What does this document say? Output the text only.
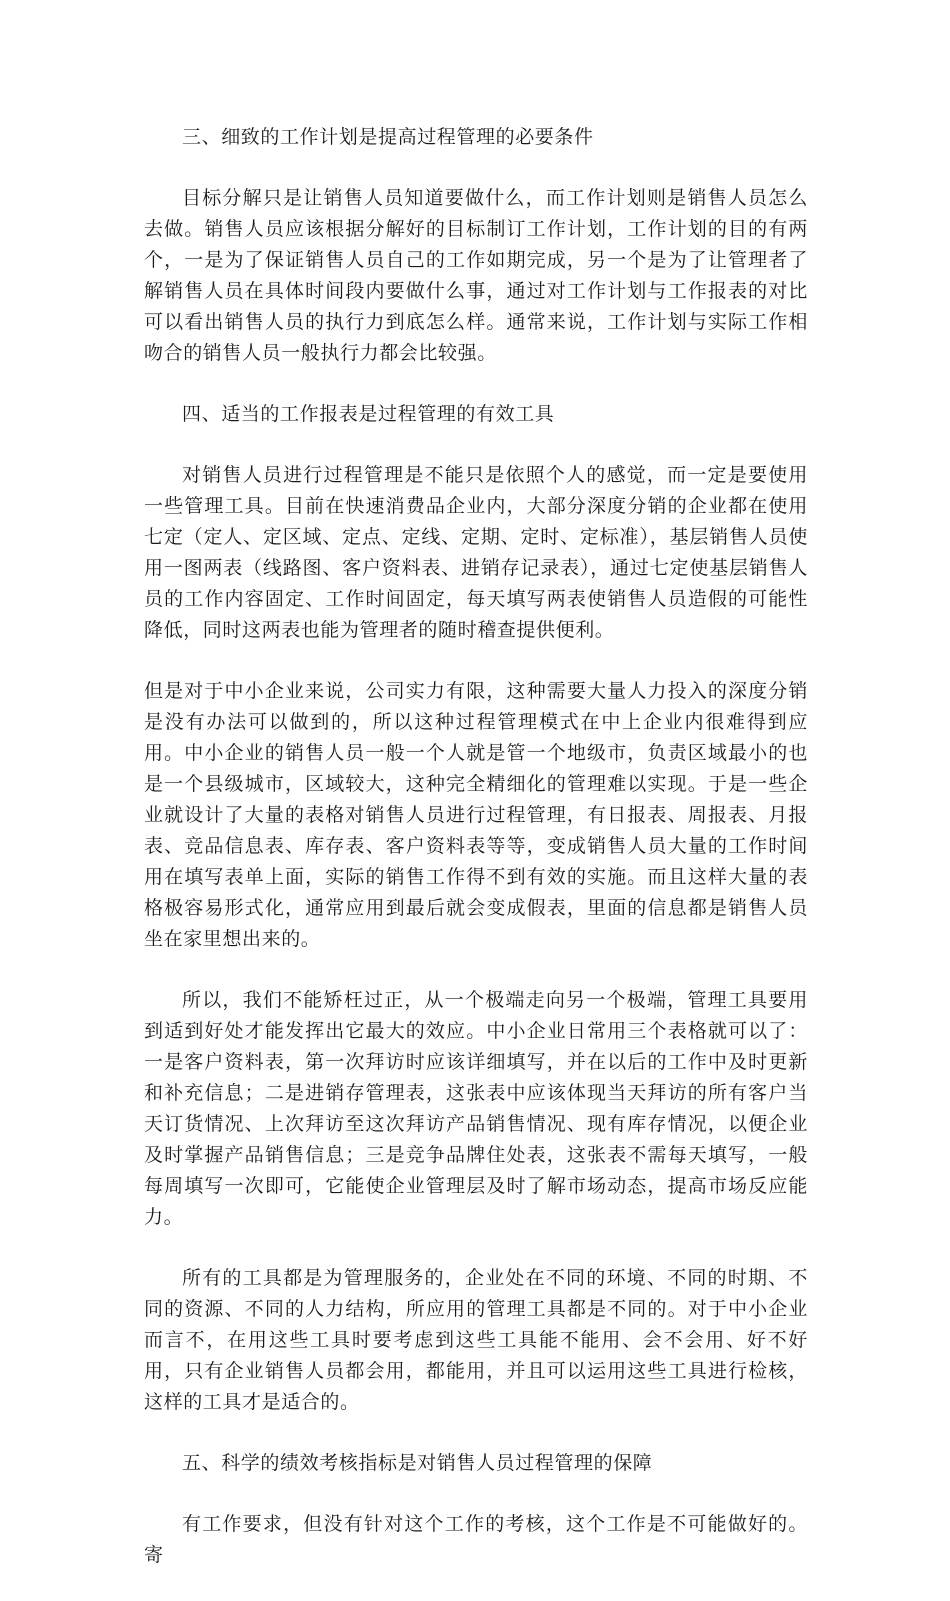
三、细致的工作计划是提高过程管理的必要条件

目标分解只是让销售人员知道要做什么，而工作计划则是销售人员怎么去做。销售人员应该根据分解好的目标制订工作计划，工作计划的目的有两个，一是为了保证销售人员自己的工作如期完成，另一个是为了让管理者了解销售人员在具体时间段内要做什么事，通过对工作计划与工作报表的对比可以看出销售人员的执行力到底怎么样。通常来说，工作计划与实际工作相吻合的销售人员一般执行力都会比较强。

四、适当的工作报表是过程管理的有效工具

对销售人员进行过程管理是不能只是依照个人的感觉，而一定是要使用一些管理工具。目前在快速消费品企业内，大部分深度分销的企业都在使用七定（定人、定区域、定点、定线、定期、定时、定标准），基层销售人员使用一图两表（线路图、客户资料表、进销存记录表），通过七定使基层销售人员的工作内容固定、工作时间固定，每天填写两表使销售人员造假的可能性降低，同时这两表也能为管理者的随时稽查提供便利。

但是对于中小企业来说，公司实力有限，这种需要大量人力投入的深度分销是没有办法可以做到的，所以这种过程管理模式在中上企业内很难得到应用。中小企业的销售人员一般一个人就是管一个地级市，负责区域最小的也是一个县级城市，区域较大，这种完全精细化的管理难以实现。于是一些企业就设计了大量的表格对销售人员进行过程管理，有日报表、周报表、月报表、竞品信息表、库存表、客户资料表等等，变成销售人员大量的工作时间用在填写表单上面，实际的销售工作得不到有效的实施。而且这样大量的表格极容易形式化，通常应用到最后就会变成假表，里面的信息都是销售人员坐在家里想出来的。

所以，我们不能矫枉过正，从一个极端走向另一个极端，管理工具要用到适到好处才能发挥出它最大的效应。中小企业日常用三个表格就可以了：一是客户资料表，第一次拜访时应该详细填写，并在以后的工作中及时更新和补充信息；二是进销存管理表，这张表中应该体现当天拜访的所有客户当天订货情况、上次拜访至这次拜访产品销售情况、现有库存情况，以便企业及时掌握产品销售信息；三是竞争品牌住处表，这张表不需每天填写，一般每周填写一次即可，它能使企业管理层及时了解市场动态，提高市场反应能力。

所有的工具都是为管理服务的，企业处在不同的环境、不同的时期、不同的资源、不同的人力结构，所应用的管理工具都是不同的。对于中小企业而言不，在用这些工具时要考虑到这些工具能不能用、会不会用、好不好用，只有企业销售人员都会用，都能用，并且可以运用这些工具进行检核，这样的工具才是适合的。

五、科学的绩效考核指标是对销售人员过程管理的保障

有工作要求，但没有针对这个工作的考核，这个工作是不可能做好的。寄
